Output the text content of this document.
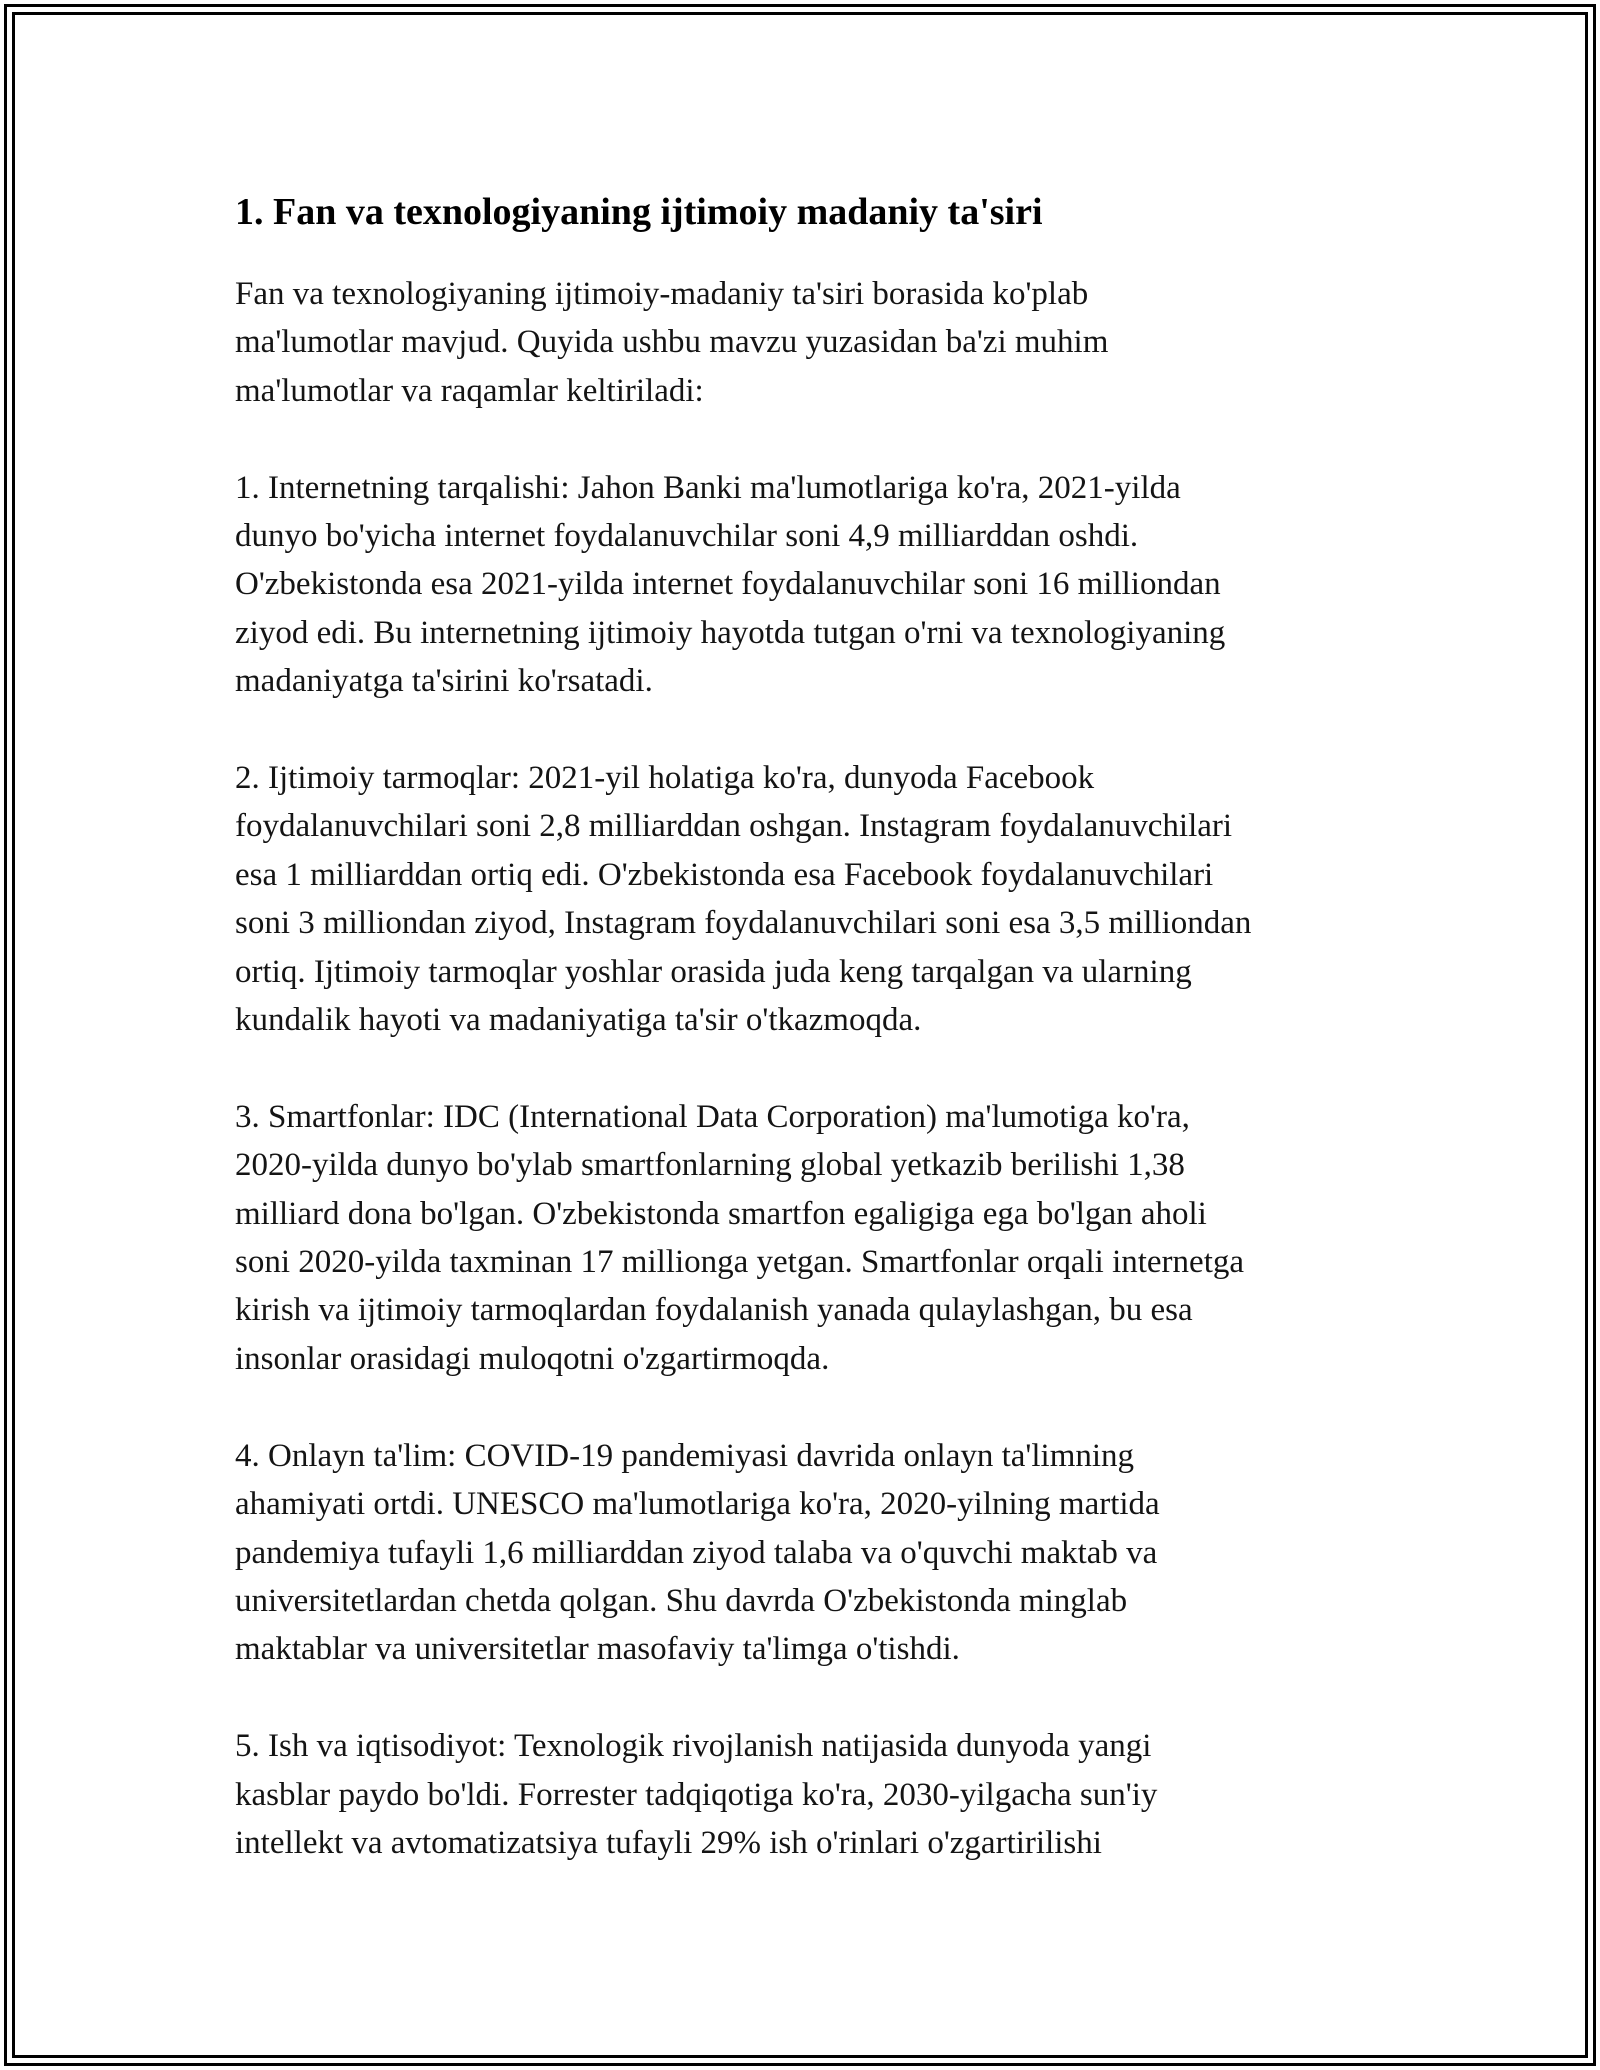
1. Fan va texnologiyaning ijtimoiy madaniy ta'siri
Fan va texnologiyaning ijtimoiy-madaniy ta'siri borasida ko'plab
ma'lumotlar mavjud. Quyida ushbu mavzu yuzasidan ba'zi muhim
ma'lumotlar va raqamlar keltiriladi:
1. Internetning tarqalishi: Jahon Banki ma'lumotlariga ko'ra, 2021-yilda
dunyo bo'yicha internet foydalanuvchilar soni 4,9 milliarddan oshdi.
O'zbekistonda esa 2021-yilda internet foydalanuvchilar soni 16 milliondan
ziyod edi. Bu internetning ijtimoiy hayotda tutgan o'rni va texnologiyaning
madaniyatga ta'sirini ko'rsatadi.
2. Ijtimoiy tarmoqlar: 2021-yil holatiga ko'ra, dunyoda Facebook
foydalanuvchilari soni 2,8 milliarddan oshgan. Instagram foydalanuvchilari
esa 1 milliarddan ortiq edi. O'zbekistonda esa Facebook foydalanuvchilari
soni 3 milliondan ziyod, Instagram foydalanuvchilari soni esa 3,5 milliondan
ortiq. Ijtimoiy tarmoqlar yoshlar orasida juda keng tarqalgan va ularning
kundalik hayoti va madaniyatiga ta'sir o'tkazmoqda.
3. Smartfonlar: IDC (International Data Corporation) ma'lumotiga ko'ra,
2020-yilda dunyo bo'ylab smartfonlarning global yetkazib berilishi 1,38
milliard dona bo'lgan. O'zbekistonda smartfon egaligiga ega bo'lgan aholi
soni 2020-yilda taxminan 17 millionga yetgan. Smartfonlar orqali internetga
kirish va ijtimoiy tarmoqlardan foydalanish yanada qulaylashgan, bu esa
insonlar orasidagi muloqotni o'zgartirmoqda.
4. Onlayn ta'lim: COVID-19 pandemiyasi davrida onlayn ta'limning
ahamiyati ortdi. UNESCO ma'lumotlariga ko'ra, 2020-yilning martida
pandemiya tufayli 1,6 milliarddan ziyod talaba va o'quvchi maktab va
universitetlardan chetda qolgan. Shu davrda O'zbekistonda minglab
maktablar va universitetlar masofaviy ta'limga o'tishdi.
5. Ish va iqtisodiyot: Texnologik rivojlanish natijasida dunyoda yangi
kasblar paydo bo'ldi. Forrester tadqiqotiga ko'ra, 2030-yilgacha sun'iy
intellekt va avtomatizatsiya tufayli 29% ish o'rinlari o'zgartirilishi
